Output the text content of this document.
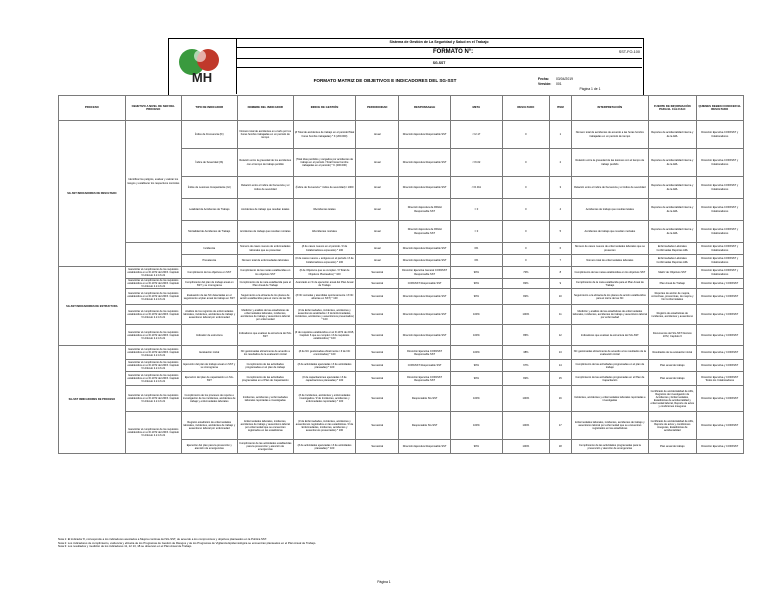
MH
Sistema de Gestión de La Seguridad y Salud en el Trabajo
FORMATO N°:	SST-FO-100
SG-SST
FORMATO MATRIZ DE OBJETIVOS E INDICADORES DEL SG-SST	Fecha: 03/04/2019
Versión: 001
Página 1 de 1
PROCESO	OBJETIVO A NIVEL DE SER DEL PROCESO	TIPO DE INDICADOR	NOMBRE DEL INDICADOR	INDICE DE GESTIÓN	PERIODICIDAD	RESPONSABLE	META	RESULTADO	ITEM	INTERPRETACIÓN	FUENTE DE INFORMACIÓN PARA EL CÁLCULO	QUIENES DEBEN CONOCER EL RESULTADO
SG-SST INDICADORES DE RESULTADO	Identificar los peligros, evaluar y valorar los riesgos y establecer los respectivos controles	Índice de Frecuencia (IF)	Número total de accidentes en el año por los horas hombre trabajadas en un periodo de tiempo	(# Total de accidentes de trabajo en el periodo/Total horas hombre trabajadas) * K (200.000)	Anual	Dirección Ejecutiva Responsable SST	<=2.17	0	1	Número total de accidentes de acuerdo a las horas hombre trabajadas en un periodo de tiempo	Reportes de accidentalidad interna y de la ARL	Dirección Ejecutiva COPASST y Colaboradores
		Índice de Severidad (IS)	Relación entre la gravedad de los accidentes con el tiempo de trabajo perdido	(Total días perdidos y cargados por accidentes de trabajo en el periodo / Total horas hombre trabajadas en el periodo) * K (200.000)	Anual	Dirección Ejecutiva Responsable SST	<=6.02	0	2	Relación entre la gravedad de las lesiones con el tiempo de trabajo perdido	Reportes de accidentalidad interna y de la ARL	Dirección Ejecutiva COPASST y Colaboradores
		Índice de Lesiones Incapacitante (ILI)	Relación entre el índice de frecuencia y el índice de severidad	(Índice de frecuencia * índice de severidad) / 1000	Anual	Dirección Ejecutiva Responsable SST	<=0.011	0	3	Relación entre el índice de frecuencia y el índice de severidad	Reportes de accidentalidad interna y de la ARL	Dirección Ejecutiva COPASST y Colaboradores
		Letalidad de Accidentes de Trabajo	Accidentes de trabajo que resultan letales	#Accidentes letales	Anual	Dirección Ejecutiva de RRHH Responsable SST	= 0	0	4	Accidentes de trabajo que resultan letales	Reportes de accidentalidad interna y de la ARL	Dirección Ejecutiva COPASST y Colaboradores
		Mortalidad de Accidentes de Trabajo	Accidentes de trabajo que resultan mortales	#Accidentes mortales	Anual	Dirección Ejecutiva de RRHH Responsable SST	= 0	0	5	Accidentes de trabajo que resultan mortales	Reportes de accidentalidad interna y de la ARL	Dirección Ejecutiva COPASST y Colaboradores
		Incidencia	Número de casos nuevos de enfermedades laborales que se presentan	(# de casos nuevos en el periodo / # de Colaboradores expuestos) * 100	Anual	Dirección Ejecutiva Responsable SST	0%	0	6	Número de casos nuevos de enfermedades laborales que se presenten	Enfermedades Laborales Confirmadas Reportes ARL	Dirección Ejecutiva COPASST y Colaboradores
		Prevalencia	Número total de enfermedades laborales	(# de casos nuevos + antiguos en el periodo / # de Colaboradores expuestos) * 100	Anual	Dirección Ejecutiva Responsable SST	0%	0	7	Número total de enfermedades laborales	Enfermedades Laborales Confirmadas Reportes ARL	Dirección Ejecutiva COPASST y Colaboradores
SG-SST INDICADORES DE ESTRUCTURA	Garantizar el cumplimiento de los requisitos establecidos en el D.1072 del 2015. Capitulo VI Articulo 2.2.4.6.21	Cumplimiento de los objetivos en SST	Cumplimiento de las metas establecidas en los objetivos SST	(# de Objetivos que se cumplen / # Total de Objetivos Planteados) * 100	Semestral	Dirección Ejecutiva General COPASST Responsable SST	90%	70%	8	Cumplimiento de las metas establecidas en los objetivos SST	Matriz de Objetivos SST	Dirección Ejecutiva COPASST y Colaboradores
	Garantizar el cumplimiento de los requisitos establecidos en el D.1072 del 2015. Capitulo VI Articulo 2.2.4.6.21	Cumplimiento del plan de trabajo anual en SST y su cronograma	Cumplimiento de la meta establecida para el Plan Anual de Trabajo	Avanzado en % de ejecución anual del Plan Anual de Trabajo	Semestral	COPASST Responsable SST	90%	82%	9	Cumplimiento de la meta establecida para el Plan Anual de Trabajo	Plan Anual de Trabajo	Dirección Ejecutiva y COPASST
	Garantizar el cumplimiento de los requisitos establecidos en el D.1072 del 2015. Capitulo VI Articulo 2.2.4.6.21	Evaluación de las NC detectadas en el seguimiento al plan anual de trabajo en SST	Seguimiento a la eficacia de los planes de acción establecidos para el cierre de las NC	(# NC cerradas y atendidas oportunamente / # NC abiertas en SST) * 100	Semestral	Dirección Ejecutiva Responsable SST	90%	82%	10	Seguimiento a la eficacia de los planes de acción establecidos para el cierre de las NC	Reportes de acción de mejora, correctivas, preventivas, de mejora y No Conformidades	Dirección Ejecutiva y COPASST
	Garantizar el cumplimiento de los requisitos establecidos en el D.1072 del 2015. Capitulo VI Articulo 2.2.4.6.21	Análisis de los registros de enfermedades laborales, incidentes, accidentes de trabajo y ausentismo laboral por enfermedad	Medición y análisis de las estadísticas de enfermedades laborales, incidentes, accidentes de trabajo y ausentismo laboral por enfermedad	(# de Enfermedades, incidentes, accidentes y ausentismos analizados / # de Enfermedades, incidentes, accidentes y ausentismos presentados) * 100	Semestral	Dirección Ejecutiva Responsable SST	100%	100%	11	Medición y análisis de las estadísticas de enfermedades laborales, incidentes, accidentes de trabajo y ausentismo laboral por enfermedad	Registro de estadísticas de incidentes, accidentes y ausentismo	Dirección Ejecutiva y COPASST
	Garantizar el cumplimiento de los requisitos establecidos en el D.1072 del 2015. Capitulo VI Articulo 2.2.4.6.21	Indicador de estructura	Indicadores que evalúan la estructura del SG-SST	(# de requisitos establecidos en el D.1072 de 2015, Capitulo 6 que se cumplen / # de requisitos establecidos) * 100	Semestral	Dirección Ejecutiva Responsable SST	100%	86%	12	Indicadores que evalúan la estructura del SG-SST	Documentos del SG-SST Decreto 1072, Capítulo 6	Dirección Ejecutiva y COPASST
SG-SST INDICADORES DE PROCESO	Garantizar el cumplimiento de los requisitos establecidos en el D.1072 del 2015. Capitulo VI Articulo 2.2.4.6.21	Evaluación inicial	NC gestionadas eficazmente de acuerdo a los resultados de la evaluación inicial	(# de NC gestionadas eficazmente / # de NC encontradas) * 100	Semestral	Dirección Ejecutiva COPASST Responsable SST	100%	38%	13	NC gestionadas eficazmente de acuerdo a los resultados de la evaluación inicial	Resultados de la evaluación inicial	Dirección Ejecutiva y COPASST
	Garantizar el cumplimiento de los requisitos establecidos en el D.1072 del 2015. Capitulo VI Articulo 2.2.4.6.21	Ejecución del plan de trabajo anual en SST y su cronograma	Cumplimiento de las actividades programadas en el plan de trabajo	(# de actividades ejecutadas / # de actividades planeadas) * 100	Semestral	COPASST Responsable SST	90%	67%	14	Cumplimiento de las actividades programadas en el plan de trabajo	Plan anual de trabajo	Dirección Ejecutiva y COPASST
	Garantizar el cumplimiento de los requisitos establecidos en el D.1072 del 2015. Capitulo VI Articulo 2.2.4.6.21	Ejecución del plan de capacitación en SG-SST	Cumplimiento de las actividades programadas en el Plan de Capacitación	(# de capacitaciones ejecutadas / # de capacitaciones planeadas) * 100	Semestral	Dirección Ejecutiva COPASST Responsable SST	90%	82%	15	Cumplimiento de las actividades programadas en el Plan de Capacitación	Plan anual de trabajo	Dirección Ejecutiva y COPASST Todos los Colaboradores
	Garantizar el cumplimiento de los requisitos establecidos en el D.1072 del 2015. Capitulo VI Articulo 2.2.4.6.21	Cumplimiento de los procesos de reporte e investigación de los incidentes, accidentes de trabajo y enfermedades laborales	Incidentes, accidentes y enfermedades laborales reportadas e investigadas	(# de Incidentes, accidentes y enfermedades investigados / # de Incidentes, accidentes y enfermedades reportadas) * 100	Semestral	Responsable SG-SST	100%	100%	16	Incidentes, accidentes y enfermedades laborales reportadas e investigadas	Certificado de accidentalidad de ARL, Registros de investigación de Accidentes y Enfermedades, Estadísticas de accidentalidad y enfermedad laboral, Reporte de actos y condiciones inseguras	Dirección Ejecutiva y COPASST
	Garantizar el cumplimiento de los requisitos establecidos en el D.1072 del 2015. Capitulo VI Articulo 2.2.4.6.21	Registro estadístico de enfermedades laborales, incidentes, accidentes de trabajo y ausentismo laboral por enfermedad	Enfermedades laborales, incidentes, accidentes de trabajo y ausentismo laboral por enfermedad que se encuentran registrados en las estadísticas	(# de Enfermedades, incidentes, accidentes y ausentismos registrados en las estadísticas / # de Enfermedades, incidentes, accidentes y ausentismos presentados) * 100	Semestral	Responsable SG-SST	100%	100%	17	Enfermedades laborales, incidentes, accidentes de trabajo y ausentismo laboral por enfermedad que se encuentran registrados en las estadísticas	Certificado de accidentalidad de ARL, Reporte de actos y condiciones inseguras, Estadísticas de accidentalidad	Dirección Ejecutiva y COPASST
		Ejecución del plan para la prevención y atención de emergencias	Cumplimiento de las actividades establecidas para la prevención y atención de emergencias	(# de actividades ejecutadas / # de actividades planeadas) * 100	Semestral	Dirección Ejecutiva Responsable SST	90%	100%	18	Cumplimiento de las actividades programadas para la prevención y atención de emergencias	Plan anual de trabajo	Dirección Ejecutiva y COPASST
Nota 1: El indicador 8, corresponde a los indicadores asociados a Mejora continua del SG-SST, de acuerdo a los compromisos y objetivos planteados en la Política SST.
Nota 2: Los indicadores de cumplimiento, evidencia y eficacia de los Programas de Gestión de Riesgos y de los Programas de Vigilancia Epidemiológica se encuentran planteados en el Plan Anual de Trabajo.
Nota 3: Los resultados y medición de los indicadores 11, 12 13, 18 se observan en el Plan Anual de Trabajo
Página 1
